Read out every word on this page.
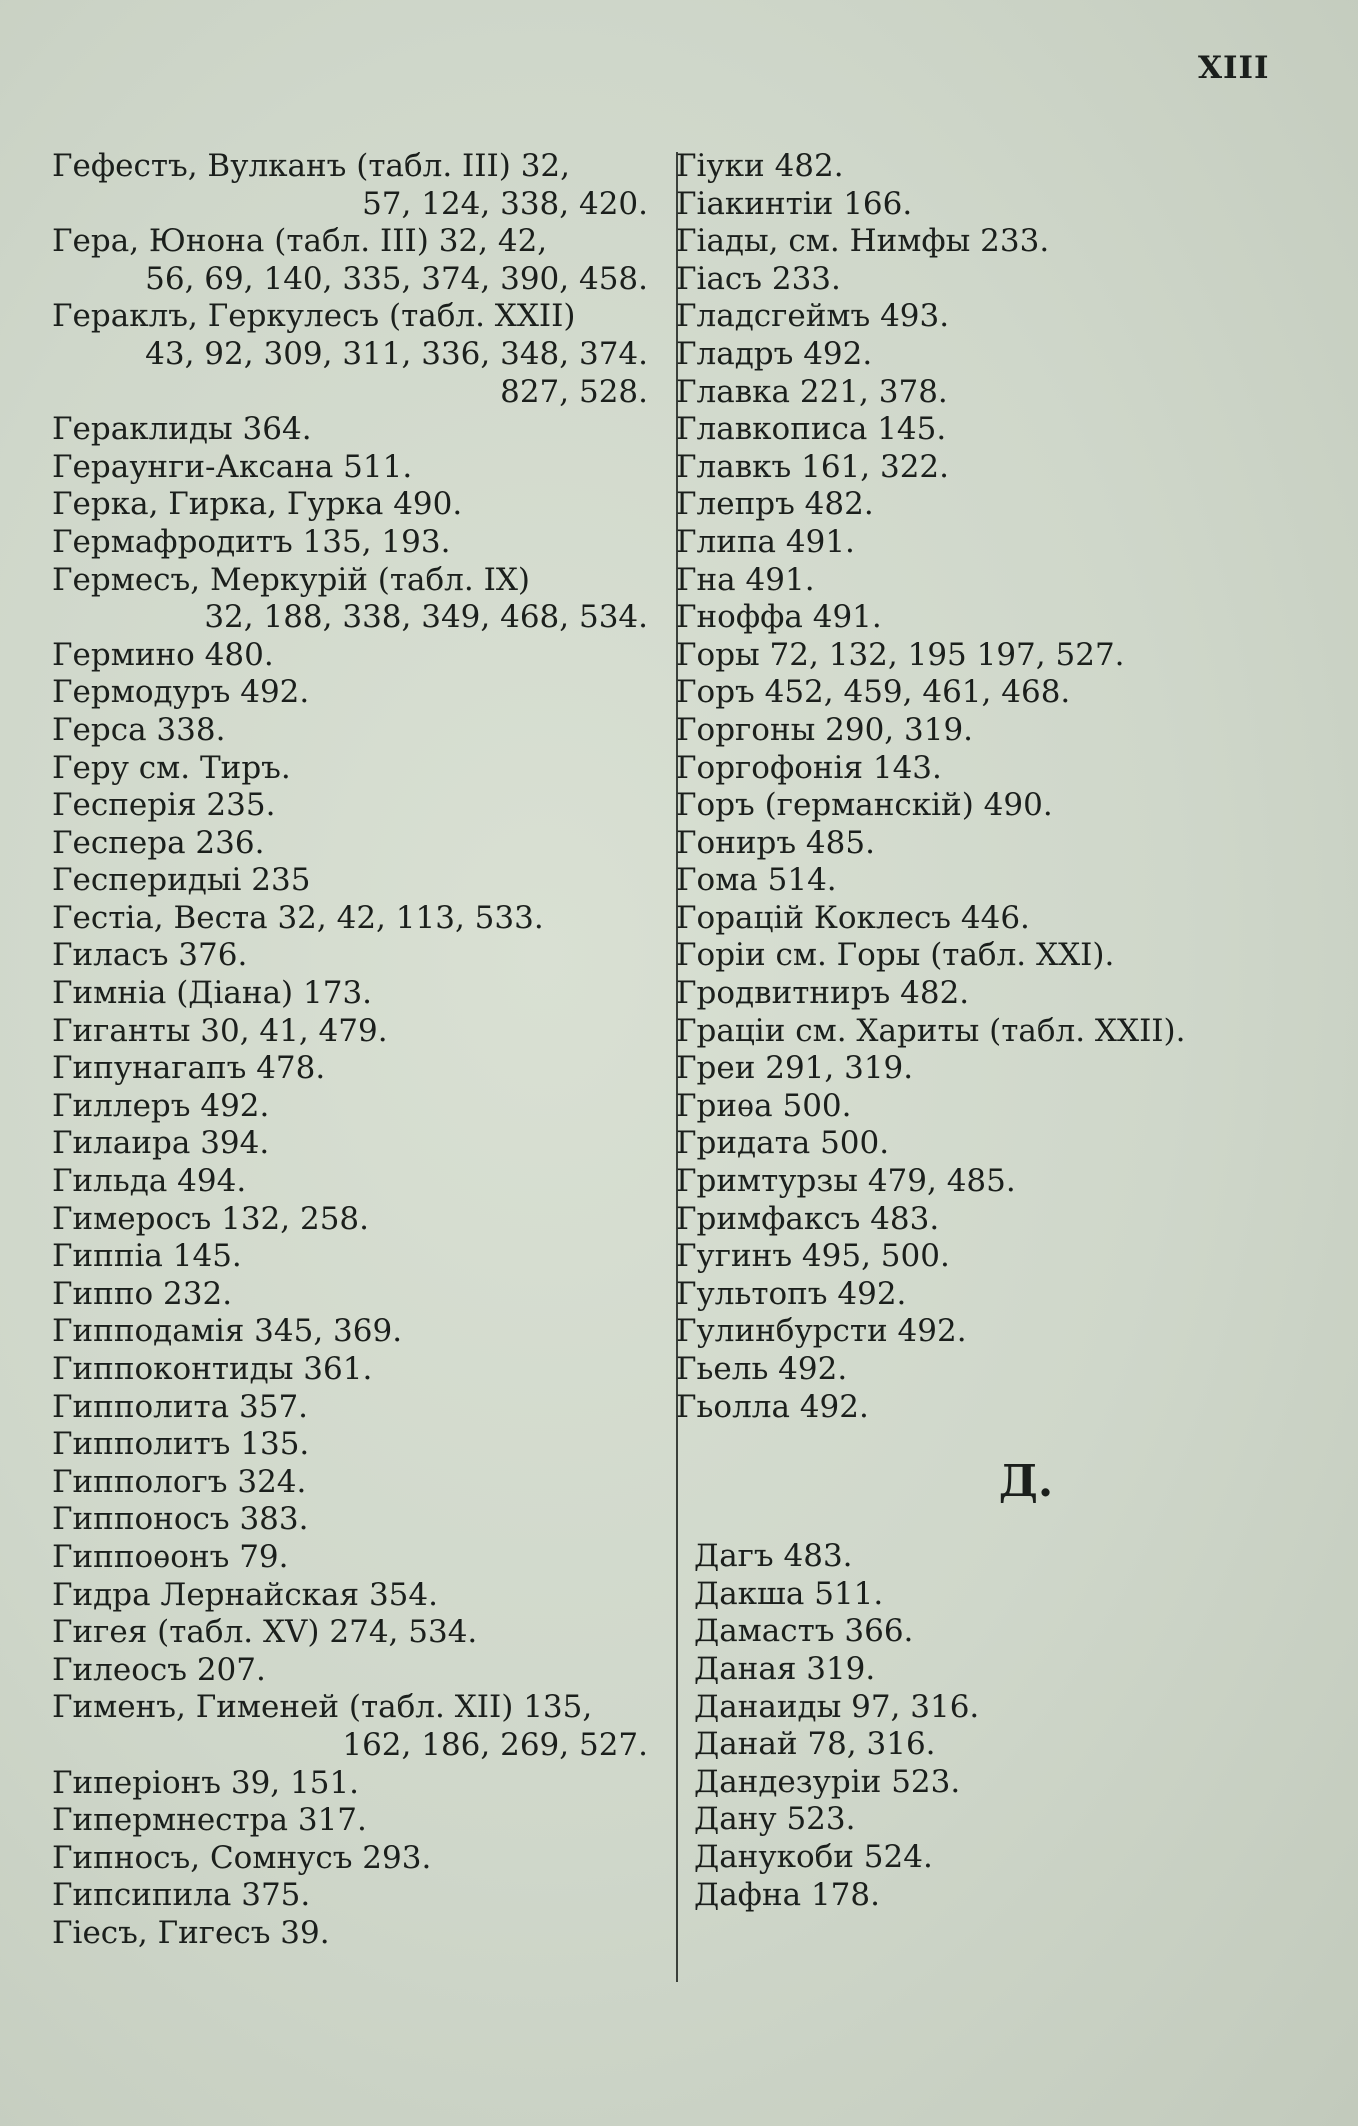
XIII
Гефестъ, Вулканъ (табл. III) 32,
57, 124, 338, 420.
Гера, Юнона (табл. III) 32, 42,
56, 69, 140, 335, 374, 390, 458.
Гераклъ, Геркулесъ (табл. XXII)
43, 92, 309, 311, 336, 348, 374.
827, 528.
Гераклиды 364.
Гераунги-Аксана 511.
Герка, Гирка, Гурка 490.
Гермафродитъ 135, 193.
Гермесъ, Меркурій (табл. IX)
32, 188, 338, 349, 468, 534.
Гермино 480.
Гермодуръ 492.
Герса 338.
Геру см. Тиръ.
Гесперія 235.
Геспера 236.
Гесперидыі 235
Гестіа, Веста 32, 42, 113, 533.
Гиласъ 376.
Гимніа (Діана) 173.
Гиганты 30, 41, 479.
Гипунагапъ 478.
Гиллеръ 492.
Гилаира 394.
Гильда 494.
Гимеросъ 132, 258.
Гиппіа 145.
Гиппо 232.
Гипподамія 345, 369.
Гиппоконтиды 361.
Гипполита 357.
Гипполитъ 135.
Гиппологъ 324.
Гиппоносъ 383.
Гиппоѳонъ 79.
Гидра Лернайская 354.
Гигея (табл. XV) 274, 534.
Гилеосъ 207.
Гименъ, Гименей (табл. XII) 135,
162, 186, 269, 527.
Гиперіонъ 39, 151.
Гипермнестра 317.
Гипносъ, Сомнусъ 293.
Гипсипила 375.
Гіесъ, Гигесъ 39.
Гіуки 482.
Гіакинтіи 166.
Гіады, см. Нимфы 233.
Гіасъ 233.
Гладсгеймъ 493.
Гладръ 492.
Главка 221, 378.
Главкописа 145.
Главкъ 161, 322.
Глепръ 482.
Глипа 491.
Гна 491.
Гноффа 491.
Горы 72, 132, 195 197, 527.
Горъ 452, 459, 461, 468.
Горгоны 290, 319.
Горгофонія 143.
Горъ (германскій) 490.
Гониръ 485.
Гома 514.
Горацій Коклесъ 446.
Горіи см. Горы (табл. XXI).
Гродвитниръ 482.
Граціи см. Хариты (табл. XXII).
Греи 291, 319.
Гриѳа 500.
Гридата 500.
Гримтурзы 479, 485.
Гримфаксъ 483.
Гугинъ 495, 500.
Гультопъ 492.
Гулинбурсти 492.
Гьель 492.
Гьолла 492.
Д.
Дагъ 483.
Дакша 511.
Дамастъ 366.
Даная 319.
Данаиды 97, 316.
Данай 78, 316.
Дандезуріи 523.
Дану 523.
Данукоби 524.
Дафна 178.
